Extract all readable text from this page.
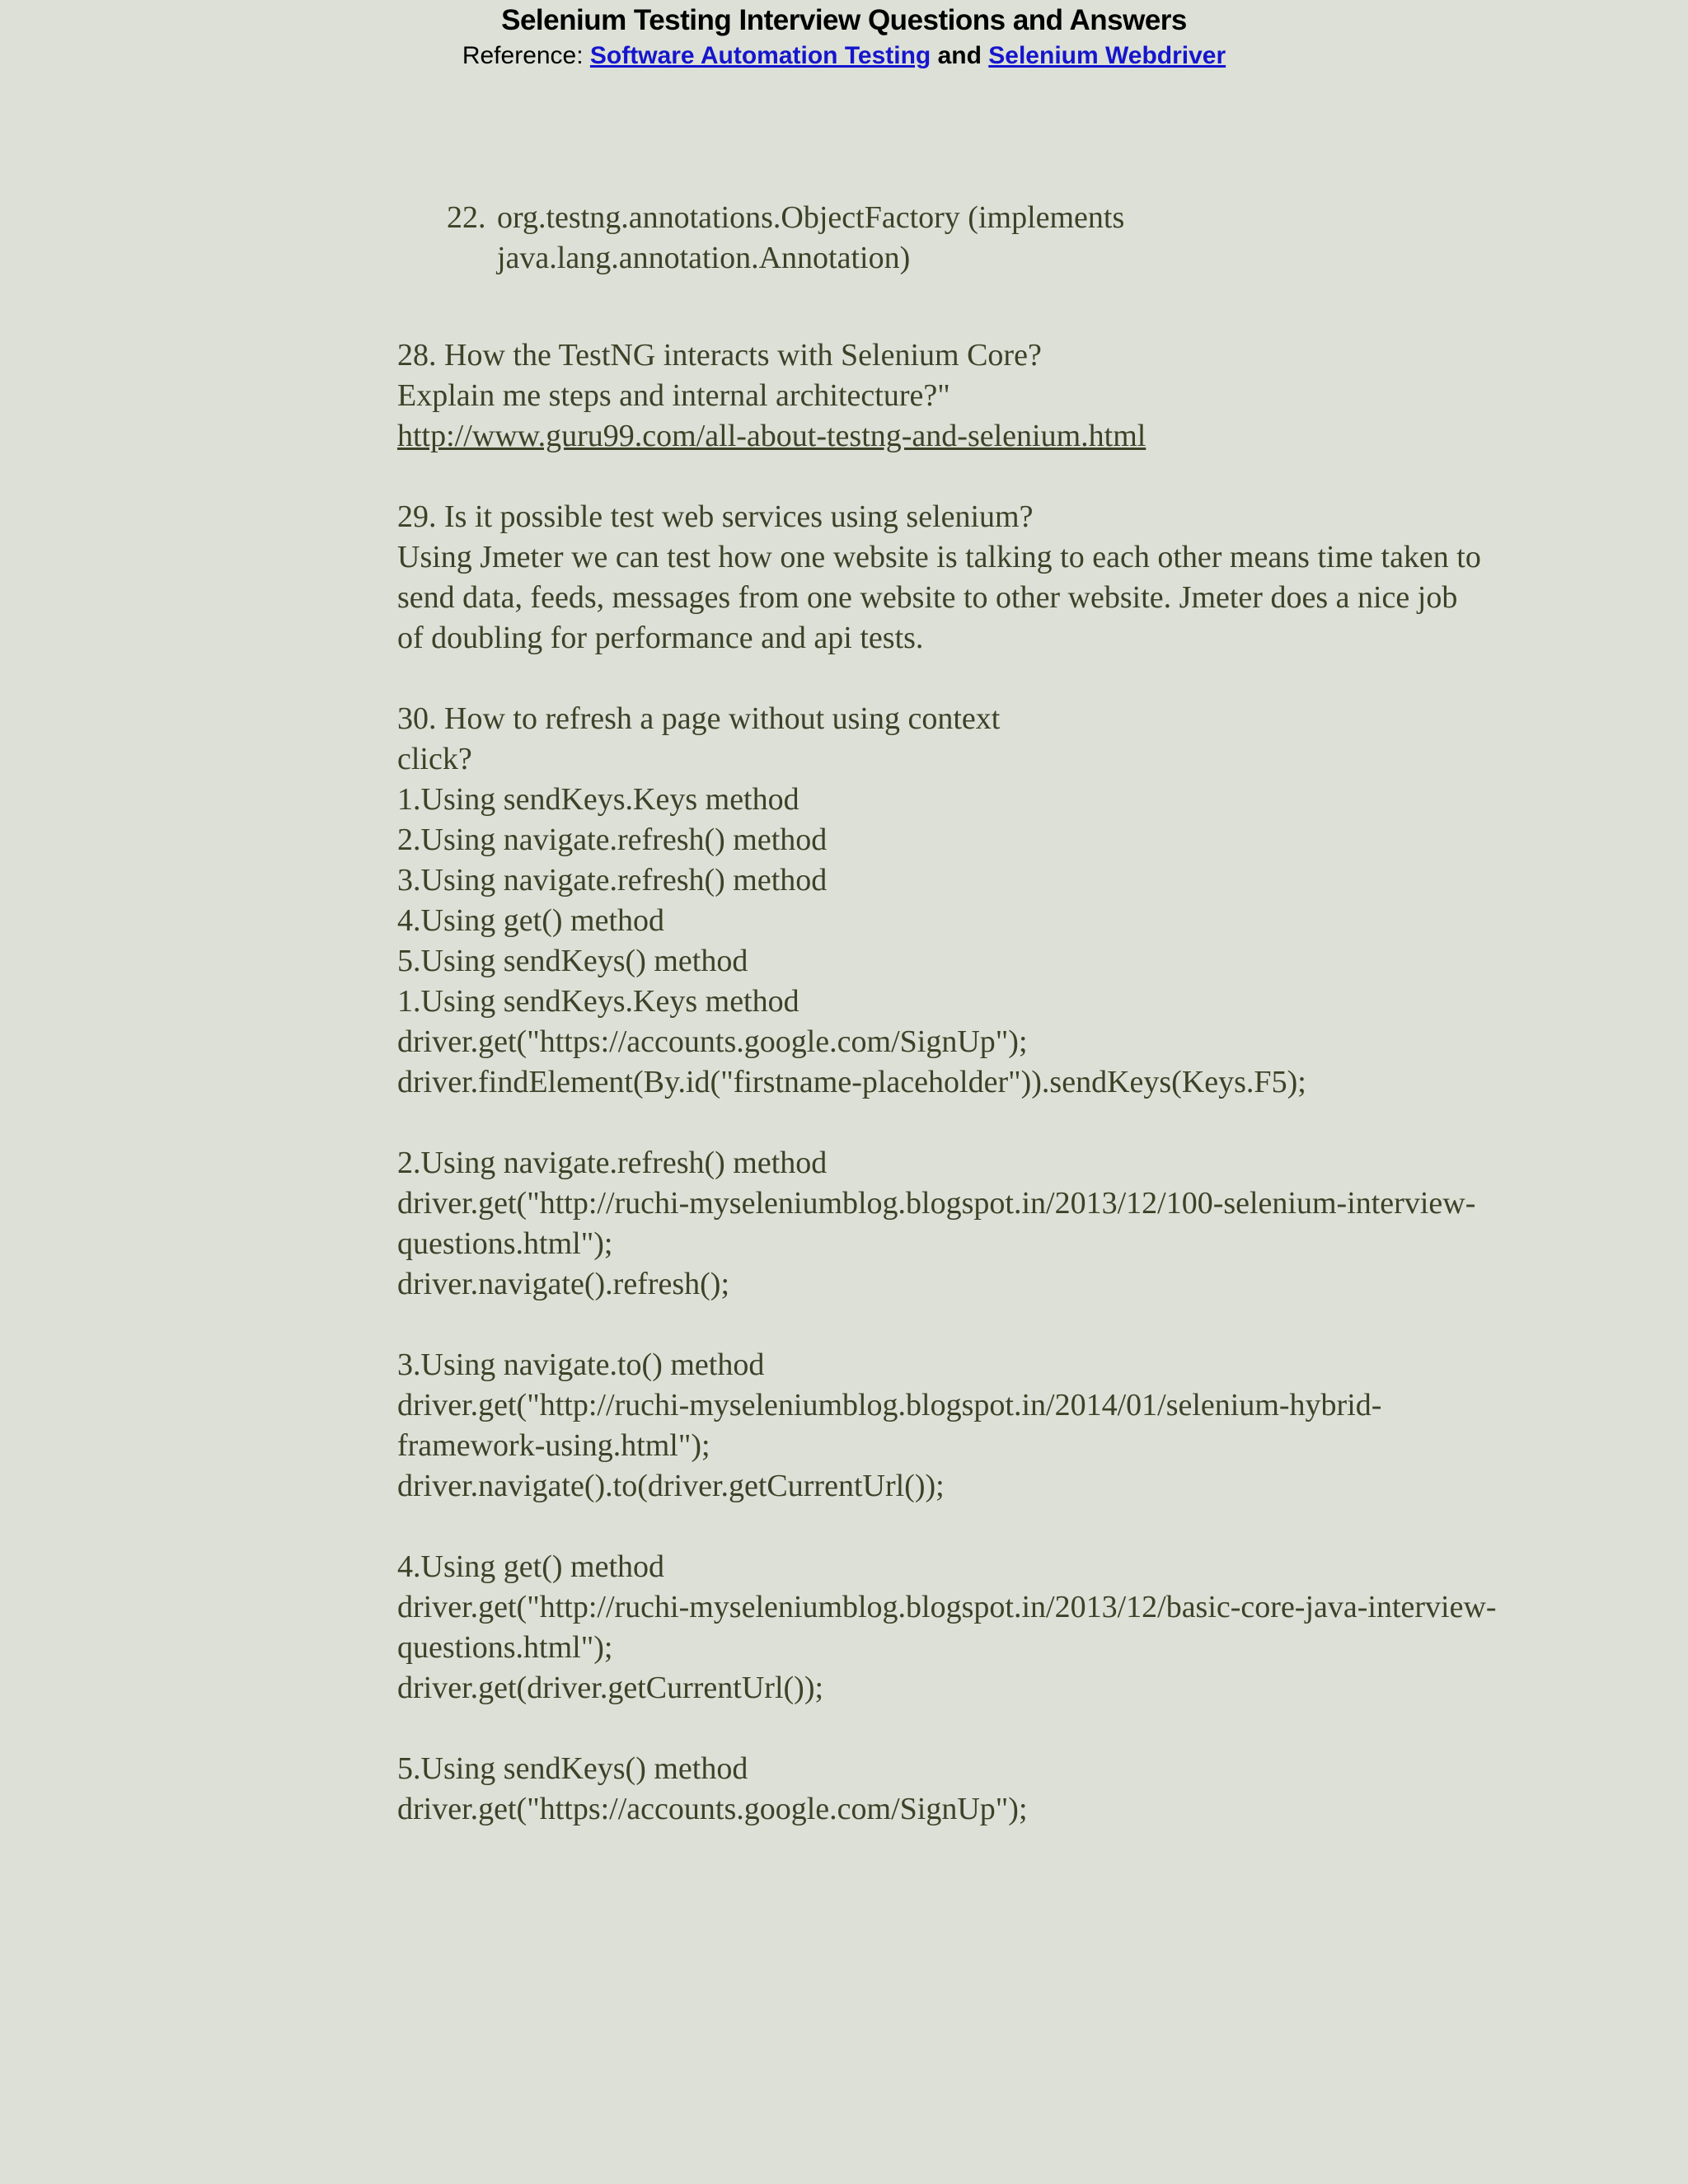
Selenium Testing Interview Questions and Answers
Reference: Software Automation Testing and Selenium Webdriver
22. org.testng.annotations.ObjectFactory (implements java.lang.annotation.Annotation)
28. How the TestNG interacts with Selenium Core?
Explain me steps and internal architecture?"
http://www.guru99.com/all-about-testng-and-selenium.html
29. Is it possible test web services using selenium?
Using Jmeter we can test how one website is talking to each other means time taken to
send data, feeds, messages from one website to other website. Jmeter does a nice job
of doubling for performance and api tests.
30. How to refresh a page without using context
click?
1.Using sendKeys.Keys method
2.Using navigate.refresh() method
3.Using navigate.refresh() method
4.Using get() method
5.Using sendKeys() method
1.Using sendKeys.Keys method
driver.get("https://accounts.google.com/SignUp");
driver.findElement(By.id("firstname-placeholder")).sendKeys(Keys.F5);
2.Using navigate.refresh() method
driver.get("http://ruchi-myseleniumblog.blogspot.in/2013/12/100-selenium-interview-questions.html");
driver.navigate().refresh();
3.Using navigate.to() method
driver.get("http://ruchi-myseleniumblog.blogspot.in/2014/01/selenium-hybrid-framework-using.html");
driver.navigate().to(driver.getCurrentUrl());
4.Using get() method
driver.get("http://ruchi-myseleniumblog.blogspot.in/2013/12/basic-core-java-interview-questions.html");
driver.get(driver.getCurrentUrl());
5.Using sendKeys() method
driver.get("https://accounts.google.com/SignUp");
